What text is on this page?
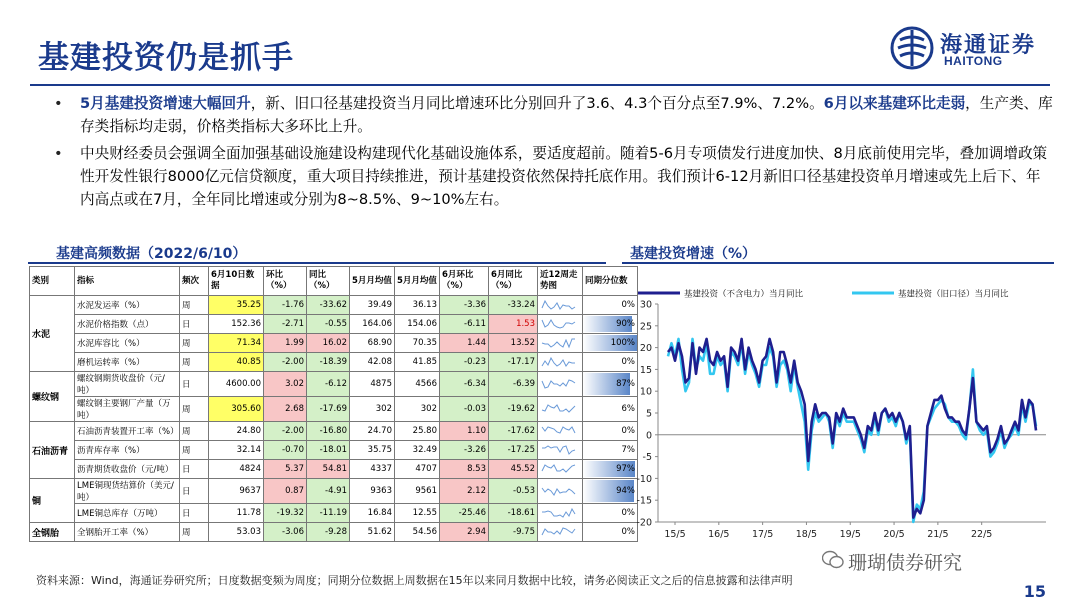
基建投资仍是抓手	海通证券
HAITONG
• 5月基建投资增速大幅回升，新、旧口径基建投资当月同比增速环比分别回升了3.6、4.3个百分点至7.9%、7.2%。6月以来基建环比走弱，生产类、库存类指标均走弱，价格类指标大多环比上升。
• 中央财经委员会强调全面加强基础设施建设构建现代化基础设施体系，要适度超前。随着5-6月专项债发行进度加快、8月底前使用完毕，叠加调增政策性开发性银行8000亿元信贷额度，重大项目持续推进，预计基建投资依然保持托底作用。我们预计6-12月新旧口径基建投资单月增速或先上后下、年内高点或在7月，全年同比增速或分别为8~8.5%、9~10%左右。
基建高频数据（2022/6/10）	基建投资增速（%）
类别	指标	频次	6月10日数据	环比（%）	同比（%）	5月月均值	5月月均值	6月环比（%）	6月同比（%）	近12周走势图	同期分位数
水泥	水泥发运率（%）	周	35.25	-1.76	-33.62	39.49	36.13	-3.36	-33.24		0%
	水泥价格指数（点）	日	152.36	-2.71	-0.55	164.06	154.06	-6.11	1.53		90%
	水泥库容比（%）	周	71.34	1.99	16.02	68.90	70.35	1.44	13.52		100%
	磨机运转率（%）	周	40.85	-2.00	-18.39	42.08	41.85	-0.23	-17.17		0%
螺纹钢	螺纹钢期货收盘价（元/吨）	日	4600.00	3.02	-6.12	4875	4566	-6.34	-6.39		87%
	螺纹钢主要钢厂产量（万吨）	周	305.60	2.68	-17.69	302	302	-0.03	-19.62		6%
石油沥青	石油沥青装置开工率（%）	周	24.80	-2.00	-16.80	24.70	25.80	1.10	-17.62		0%
	沥青库存率（%）	周	32.14	-0.70	-18.01	35.75	32.49	-3.26	-17.25		7%
	沥青期货收盘价（元/吨）	日	4824	5.37	54.81	4337	4707	8.53	45.52		97%
铜	LME铜现货结算价（美元/吨）	日	9637	0.87	-4.91	9363	9561	2.12	-0.53		94%
	LME铜总库存（万吨）	日	11.78	-19.32	-11.19	16.84	12.55	-25.46	-18.61		0%
全钢胎	全钢胎开工率（%）	周	53.03	-3.06	-9.28	51.62	54.56	2.94	-9.75		0%
30
25
20
15
10
5
0
-5
-10
-15
-20
15/5 16/5 17/5 18/5 19/5 20/5 21/5 22/5
基建投资（不含电力）当月同比	基建投资（旧口径）当月同比
资料来源：Wind，海通证券研究所；日度数据变频为周度；同期分位数据上周数据在15年以来同月数据中比较，请务必阅读正文之后的信息披露和法律声明
珊瑚债券研究
15
